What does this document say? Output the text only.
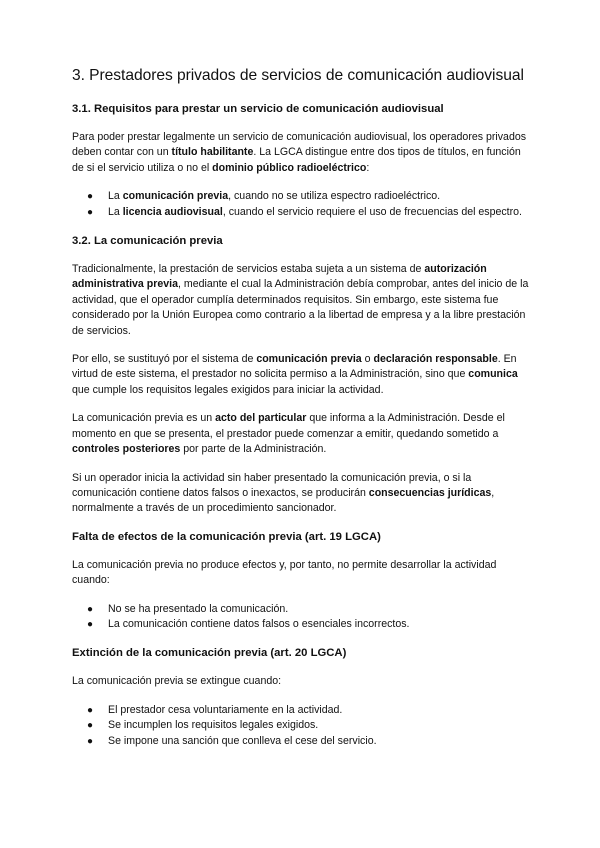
3. Prestadores privados de servicios de comunicación audiovisual
3.1. Requisitos para prestar un servicio de comunicación audiovisual

Para poder prestar legalmente un servicio de comunicación audiovisual, los operadores privados deben contar con un título habilitante. La LGCA distingue entre dos tipos de títulos, en función de si el servicio utiliza o no el dominio público radioeléctrico:

● La comunicación previa, cuando no se utiliza espectro radioeléctrico.
● La licencia audiovisual, cuando el servicio requiere el uso de frecuencias del espectro.
3.2. La comunicación previa

Tradicionalmente, la prestación de servicios estaba sujeta a un sistema de autorización administrativa previa, mediante el cual la Administración debía comprobar, antes del inicio de la actividad, que el operador cumplía determinados requisitos. Sin embargo, este sistema fue considerado por la Unión Europea como contrario a la libertad de empresa y a la libre prestación de servicios.

Por ello, se sustituyó por el sistema de comunicación previa o declaración responsable. En virtud de este sistema, el prestador no solicita permiso a la Administración, sino que comunica que cumple los requisitos legales exigidos para iniciar la actividad.

La comunicación previa es un acto del particular que informa a la Administración. Desde el momento en que se presenta, el prestador puede comenzar a emitir, quedando sometido a controles posteriores por parte de la Administración.

Si un operador inicia la actividad sin haber presentado la comunicación previa, o si la comunicación contiene datos falsos o inexactos, se producirán consecuencias jurídicas, normalmente a través de un procedimiento sancionador.

Falta de efectos de la comunicación previa (art. 19 LGCA)

La comunicación previa no produce efectos y, por tanto, no permite desarrollar la actividad cuando:

● No se ha presentado la comunicación.
● La comunicación contiene datos falsos o esenciales incorrectos.
Extinción de la comunicación previa (art. 20 LGCA)

La comunicación previa se extingue cuando:

● El prestador cesa voluntariamente en la actividad.
● Se incumplen los requisitos legales exigidos.
● Se impone una sanción que conlleva el cese del servicio.
